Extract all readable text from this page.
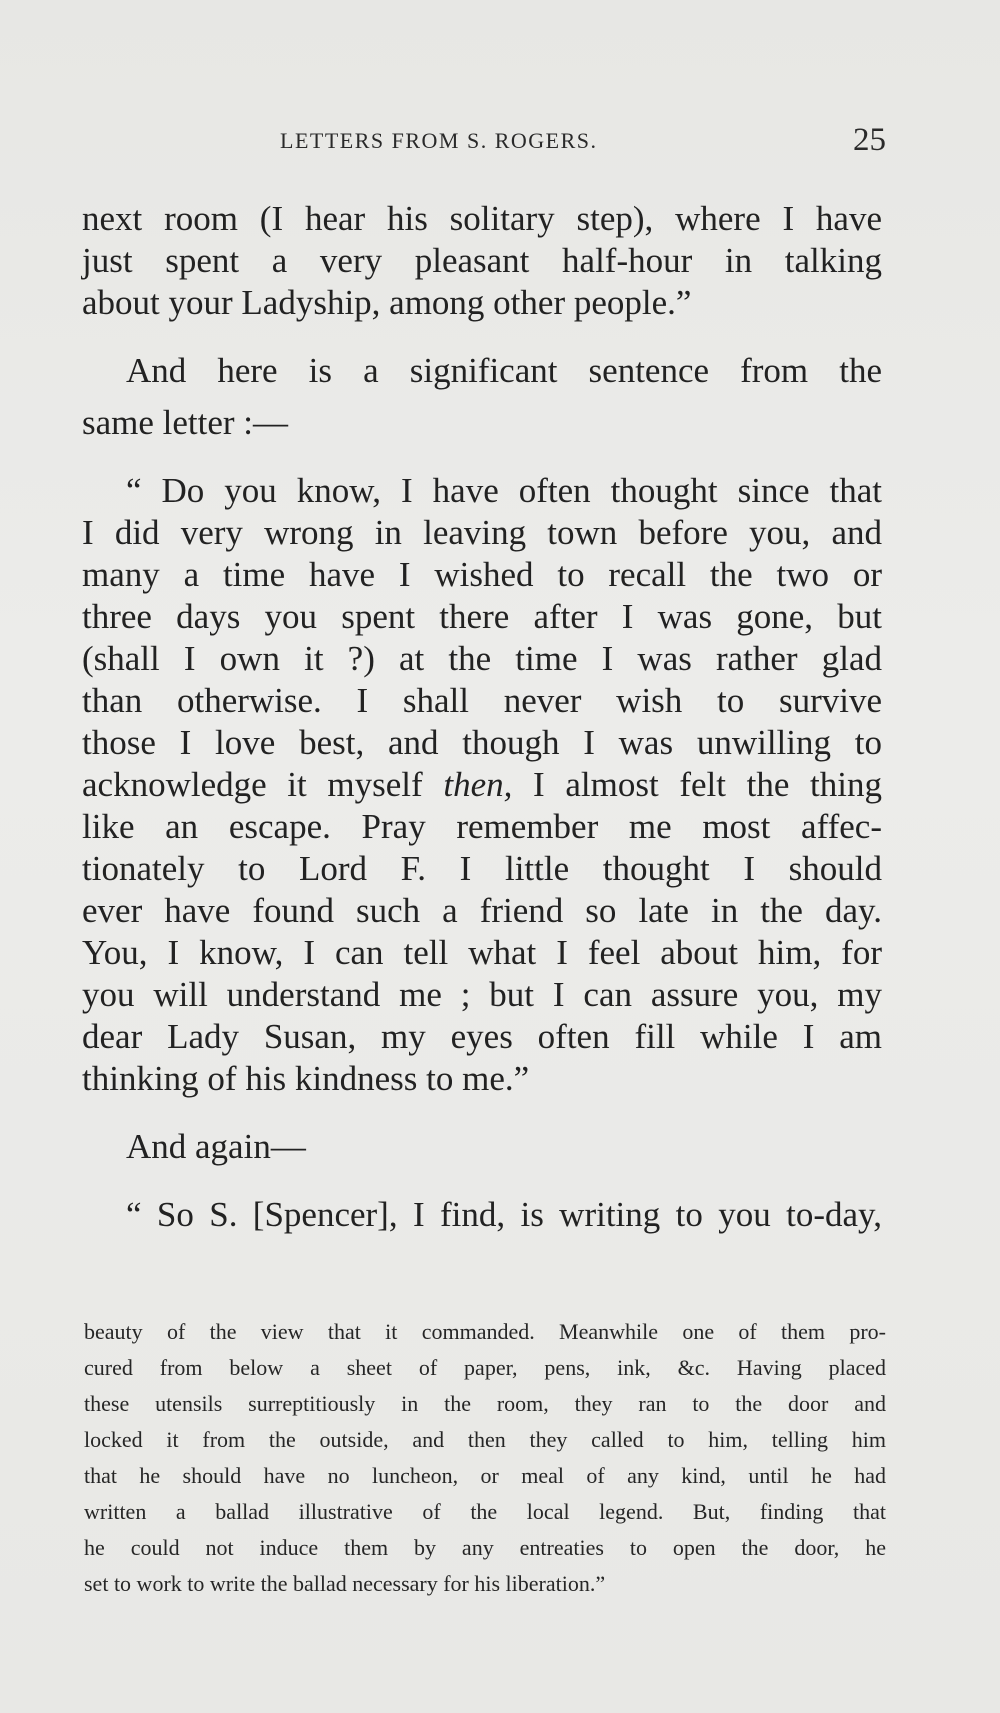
LETTERS FROM S. ROGERS.	25
next room (I hear his solitary step), where I have
just spent a very pleasant half-hour in talking
about your Ladyship, among other people.”
And here is a significant sentence from the
same letter :—
“ Do you know, I have often thought since that
I did very wrong in leaving town before you, and
many a time have I wished to recall the two or
three days you spent there after I was gone, but
(shall I own it ?) at the time I was rather glad
than otherwise. I shall never wish to survive
those I love best, and though I was unwilling to
acknowledge it myself then, I almost felt the thing
like an escape. Pray remember me most affec-
tionately to Lord F. I little thought I should
ever have found such a friend so late in the day.
You, I know, I can tell what I feel about him, for
you will understand me ; but I can assure you, my
dear Lady Susan, my eyes often fill while I am
thinking of his kindness to me.”
And again—
“ So S. [Spencer], I find, is writing to you to-day,
beauty of the view that it commanded. Meanwhile one of them pro-
cured from below a sheet of paper, pens, ink, &c. Having placed
these utensils surreptitiously in the room, they ran to the door and
locked it from the outside, and then they called to him, telling him
that he should have no luncheon, or meal of any kind, until he had
written a ballad illustrative of the local legend. But, finding that
he could not induce them by any entreaties to open the door, he
set to work to write the ballad necessary for his liberation.”
